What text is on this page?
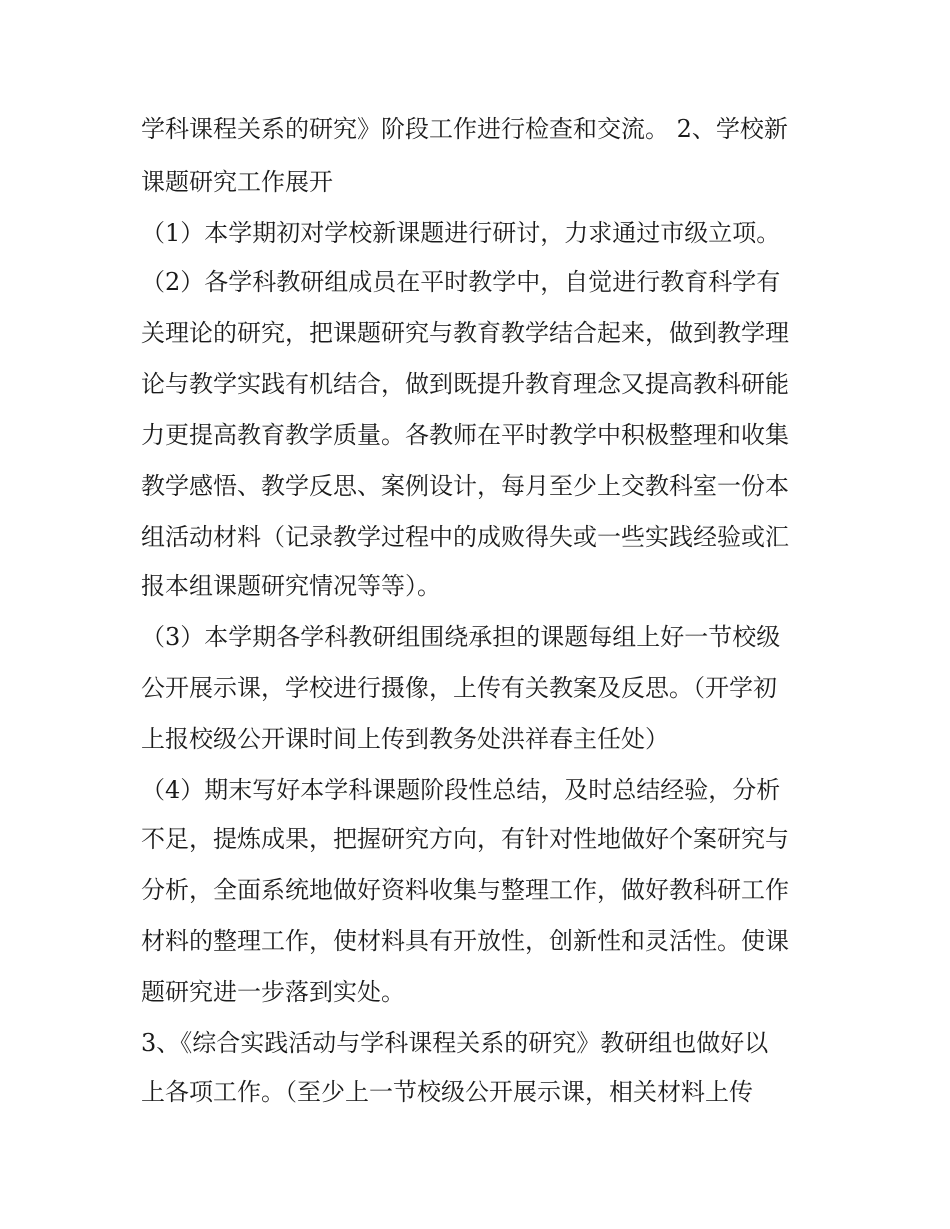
学科课程关系的研究》阶段工作进行检查和交流。 2、学校新
课题研究工作展开
（1）本学期初对学校新课题进行研讨，力求通过市级立项。
（2）各学科教研组成员在平时教学中，自觉进行教育科学有
关理论的研究，把课题研究与教育教学结合起来，做到教学理
论与教学实践有机结合，做到既提升教育理念又提高教科研能
力更提高教育教学质量。各教师在平时教学中积极整理和收集
教学感悟、教学反思、案例设计，每月至少上交教科室一份本
组活动材料（记录教学过程中的成败得失或一些实践经验或汇
报本组课题研究情况等等）。
（3）本学期各学科教研组围绕承担的课题每组上好一节校级
公开展示课，学校进行摄像，上传有关教案及反思。（开学初
上报校级公开课时间上传到教务处洪祥春主任处）
（4）期末写好本学科课题阶段性总结，及时总结经验，分析
不足，提炼成果，把握研究方向，有针对性地做好个案研究与
分析，全面系统地做好资料收集与整理工作，做好教科研工作
材料的整理工作，使材料具有开放性，创新性和灵活性。使课
题研究进一步落到实处。
3、《综合实践活动与学科课程关系的研究》教研组也做好以
上各项工作。（至少上一节校级公开展示课，相关材料上传
